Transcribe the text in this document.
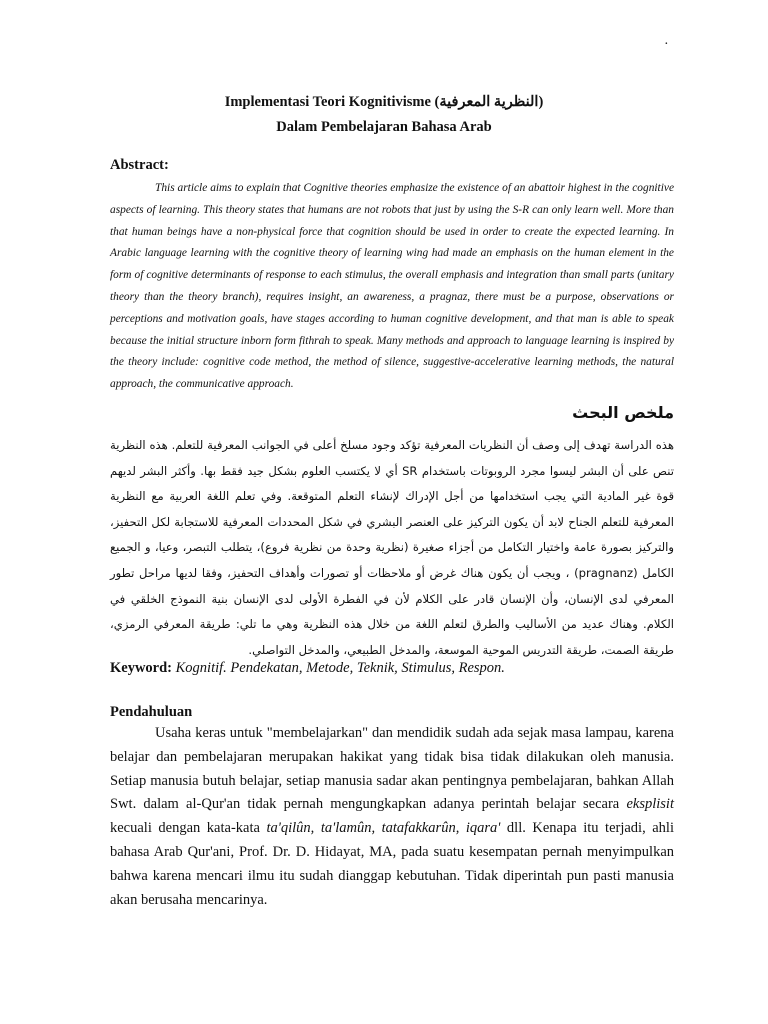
·
Implementasi Teori Kognitivisme (النظرية المعرفية)
Dalam Pembelajaran Bahasa Arab
Abstract:
This article aims to explain that Cognitive theories emphasize the existence of an abattoir highest in the cognitive aspects of learning. This theory states that humans are not robots that just by using the S-R can only learn well. More than that human beings have a non-physical force that cognition should be used in order to create the expected learning. In Arabic language learning with the cognitive theory of learning wing had made an emphasis on the human element in the form of cognitive determinants of response to each stimulus, the overall emphasis and integration than small parts (unitary theory than the theory branch), requires insight, an awareness, a pragnaz, there must be a purpose, observations or perceptions and motivation goals, have stages according to human cognitive development, and that man is able to speak because the initial structure inborn form fithrah to speak. Many methods and approach to language learning is inspired by the theory include: cognitive code method, the method of silence, suggestive-accelerative learning methods, the natural approach, the communicative approach.
ملخص البحث
هذه الدراسة تهدف إلى وصف أن النظريات المعرفية تؤكد وجود مسلخ أعلى في الجوانب المعرفية للتعلم. هذه النظرية تنص على أن البشر ليسوا مجرد الروبوتات باستخدام SR أي لا يكتسب العلوم بشكل جيد فقط بها. وأكثر البشر لديهم قوة غير المادية التي يجب استخدامها من أجل الإدراك لإنشاء التعلم المتوقعة. وفي تعلم اللغة العربية مع النظرية المعرفية للتعلم الجناح لابد أن يكون التركيز على العنصر البشري في شكل المحددات المعرفية للاستجابة لكل التحفيز، والتركيز بصورة عامة واختيار التكامل من أجزاء صغيرة (نظرية وحدة من نظرية فروع)، يتطلب التبصر، وعيا، و الجميع الكامل (pragnanz) ، ويجب أن يكون هناك غرض أو ملاحظات أو تصورات وأهداف التحفيز، وفقا لديها مراحل تطور المعرفي لدى الإنسان، وأن الإنسان قادر على الكلام لأن في الفطرة الأولى لدى الإنسان بنية النموذج الخلقي في الكلام. وهناك عديد من الأساليب والطرق لتعلم اللغة من خلال هذه النظرية وهي ما تلي: طريقة المعرفي الرمزي، طريقة الصمت، طريقة التدريس الموحية الموسعة، والمدخل الطبيعي، والمدخل التواصلي.
Keyword: Kognitif. Pendekatan, Metode, Teknik, Stimulus, Respon.
Pendahuluan
Usaha keras untuk "membelajarkan" dan mendidik sudah ada sejak masa lampau, karena belajar dan pembelajaran merupakan hakikat yang tidak bisa tidak dilakukan oleh manusia. Setiap manusia butuh belajar, setiap manusia sadar akan pentingnya pembelajaran, bahkan Allah Swt. dalam al-Qur'an tidak pernah mengungkapkan adanya perintah belajar secara eksplisit kecuali dengan kata-kata ta'qilûn, ta'lamûn, tatafakkarûn, iqara' dll. Kenapa itu terjadi, ahli bahasa Arab Qur'ani, Prof. Dr. D. Hidayat, MA, pada suatu kesempatan pernah menyimpulkan bahwa karena mencari ilmu itu sudah dianggap kebutuhan. Tidak diperintah pun pasti manusia akan berusaha mencarinya.
